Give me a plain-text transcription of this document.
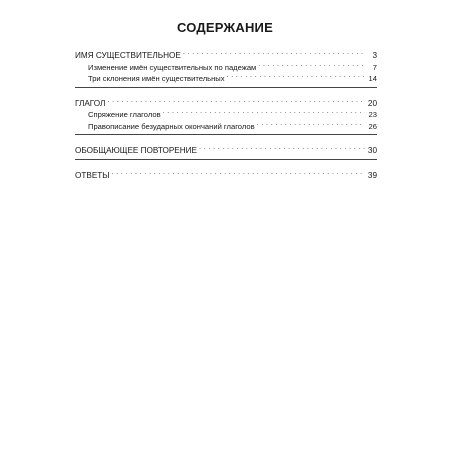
СОДЕРЖАНИЕ
ИМЯ СУЩЕСТВИТЕЛЬНОЕ . . .	3
Изменение имён существительных по падежам . . .	7
Три склонения имён существительных . . .	14
ГЛАГОЛ . . .	20
Спряжение глаголов . . .	23
Правописание безударных окончаний глаголов . . .	26
ОБОБЩАЮЩЕЕ ПОВТОРЕНИЕ . . .	30
ОТВЕТЫ . . .	39
